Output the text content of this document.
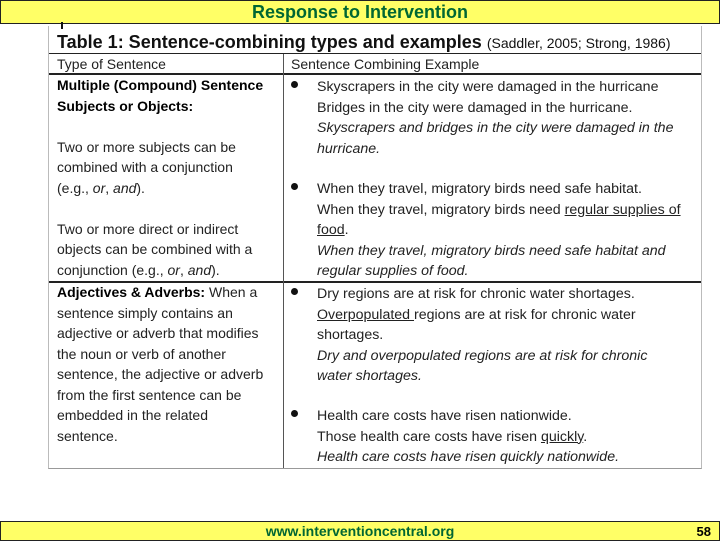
Response to Intervention
Table 1: Sentence-combining types and examples (Saddler, 2005; Strong, 1986)
Type of Sentence	Sentence Combining Example
Multiple (Compound) Sentence
Subjects or Objects:
Two or more subjects can be
combined with a conjunction
(e.g., or, and).
Two or more direct or indirect
objects can be combined with a
conjunction (e.g., or, and).
Skyscrapers in the city were damaged in the hurricane
Bridges in the city were damaged in the hurricane.
Skyscrapers and bridges in the city were damaged in the
hurricane.
When they travel, migratory birds need safe habitat.
When they travel, migratory birds need regular supplies of
food.
When they travel, migratory birds need safe habitat and
regular supplies of food.
Adjectives & Adverbs: When a
sentence simply contains an
adjective or adverb that modifies
the noun or verb of another
sentence, the adjective or adverb
from the first sentence can be
embedded in the related
sentence.
Dry regions are at risk for chronic water shortages.
Overpopulated regions are at risk for chronic water
shortages.
Dry and overpopulated regions are at risk for chronic
water shortages.
Health care costs have risen nationwide.
Those health care costs have risen quickly.
Health care costs have risen quickly nationwide.
www.interventioncentral.org	58
